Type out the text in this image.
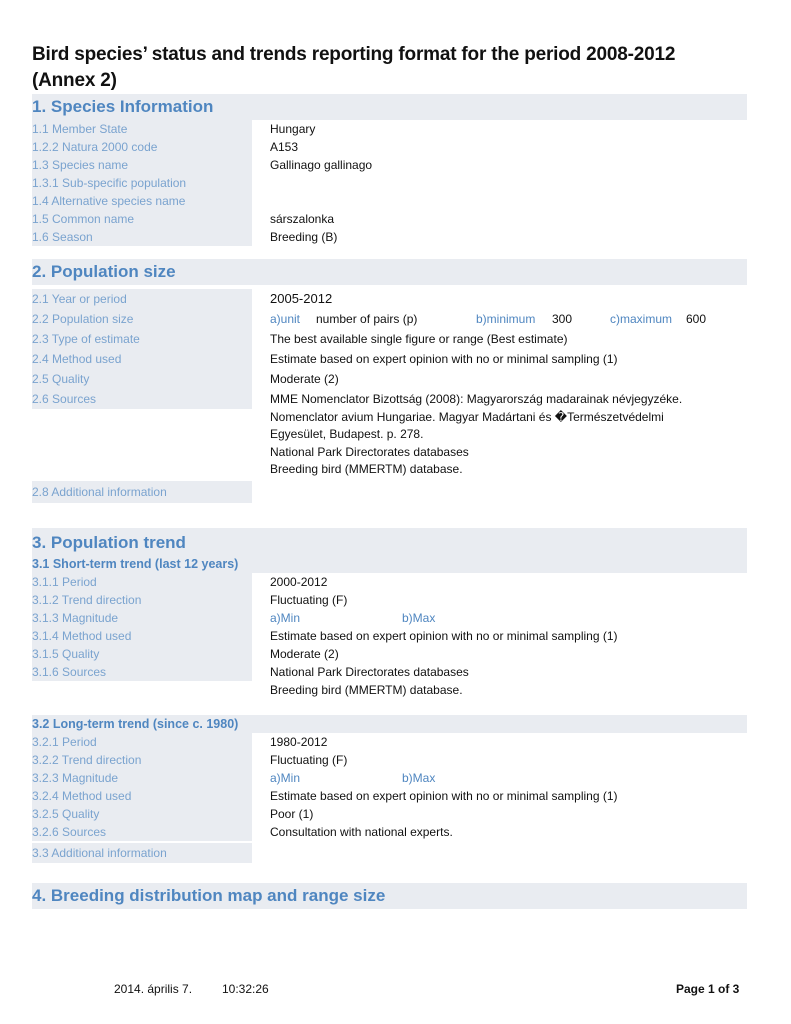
Bird species’ status and trends reporting format for the period 2008-2012
(Annex 2)
1. Species Information
1.1 Member State	Hungary
1.2.2 Natura 2000 code	A153
1.3 Species name	Gallinago gallinago
1.3.1 Sub-specific population
1.4 Alternative species name
1.5 Common name	sárszalonka
1.6 Season	Breeding (B)
2. Population size
2.1 Year or period	2005-2012
2.2 Population size	a)unit number of pairs (p)	b)minimum 300	c)maximum 600
2.3 Type of estimate	The best available single figure or range (Best estimate)
2.4 Method used	Estimate based on expert opinion with no or minimal sampling (1)
2.5 Quality	Moderate (2)
2.6 Sources	MME Nomenclator Bizottság (2008): Magyarország madarainak névjegyzéke.
Nomenclator avium Hungariae. Magyar Madártani és �Természetvédelmi
Egyesület, Budapest. p. 278.
National Park Directorates databases
Breeding bird (MMERTM) database.
2.8 Additional information
3. Population trend
3.1 Short-term trend (last 12 years)
3.1.1 Period	2000-2012
3.1.2 Trend direction	Fluctuating (F)
3.1.3 Magnitude	a)Min	b)Max
3.1.4 Method used	Estimate based on expert opinion with no or minimal sampling (1)
3.1.5 Quality	Moderate (2)
3.1.6 Sources	National Park Directorates databases
Breeding bird (MMERTM) database.
3.2 Long-term trend (since c. 1980)
3.2.1 Period	1980-2012
3.2.2 Trend direction	Fluctuating (F)
3.2.3 Magnitude	a)Min	b)Max
3.2.4 Method used	Estimate based on expert opinion with no or minimal sampling (1)
3.2.5 Quality	Poor (1)
3.2.6 Sources	Consultation with national experts.
3.3 Additional information
4. Breeding distribution map and range size
2014. április 7. 10:32:26	Page 1 of 3
